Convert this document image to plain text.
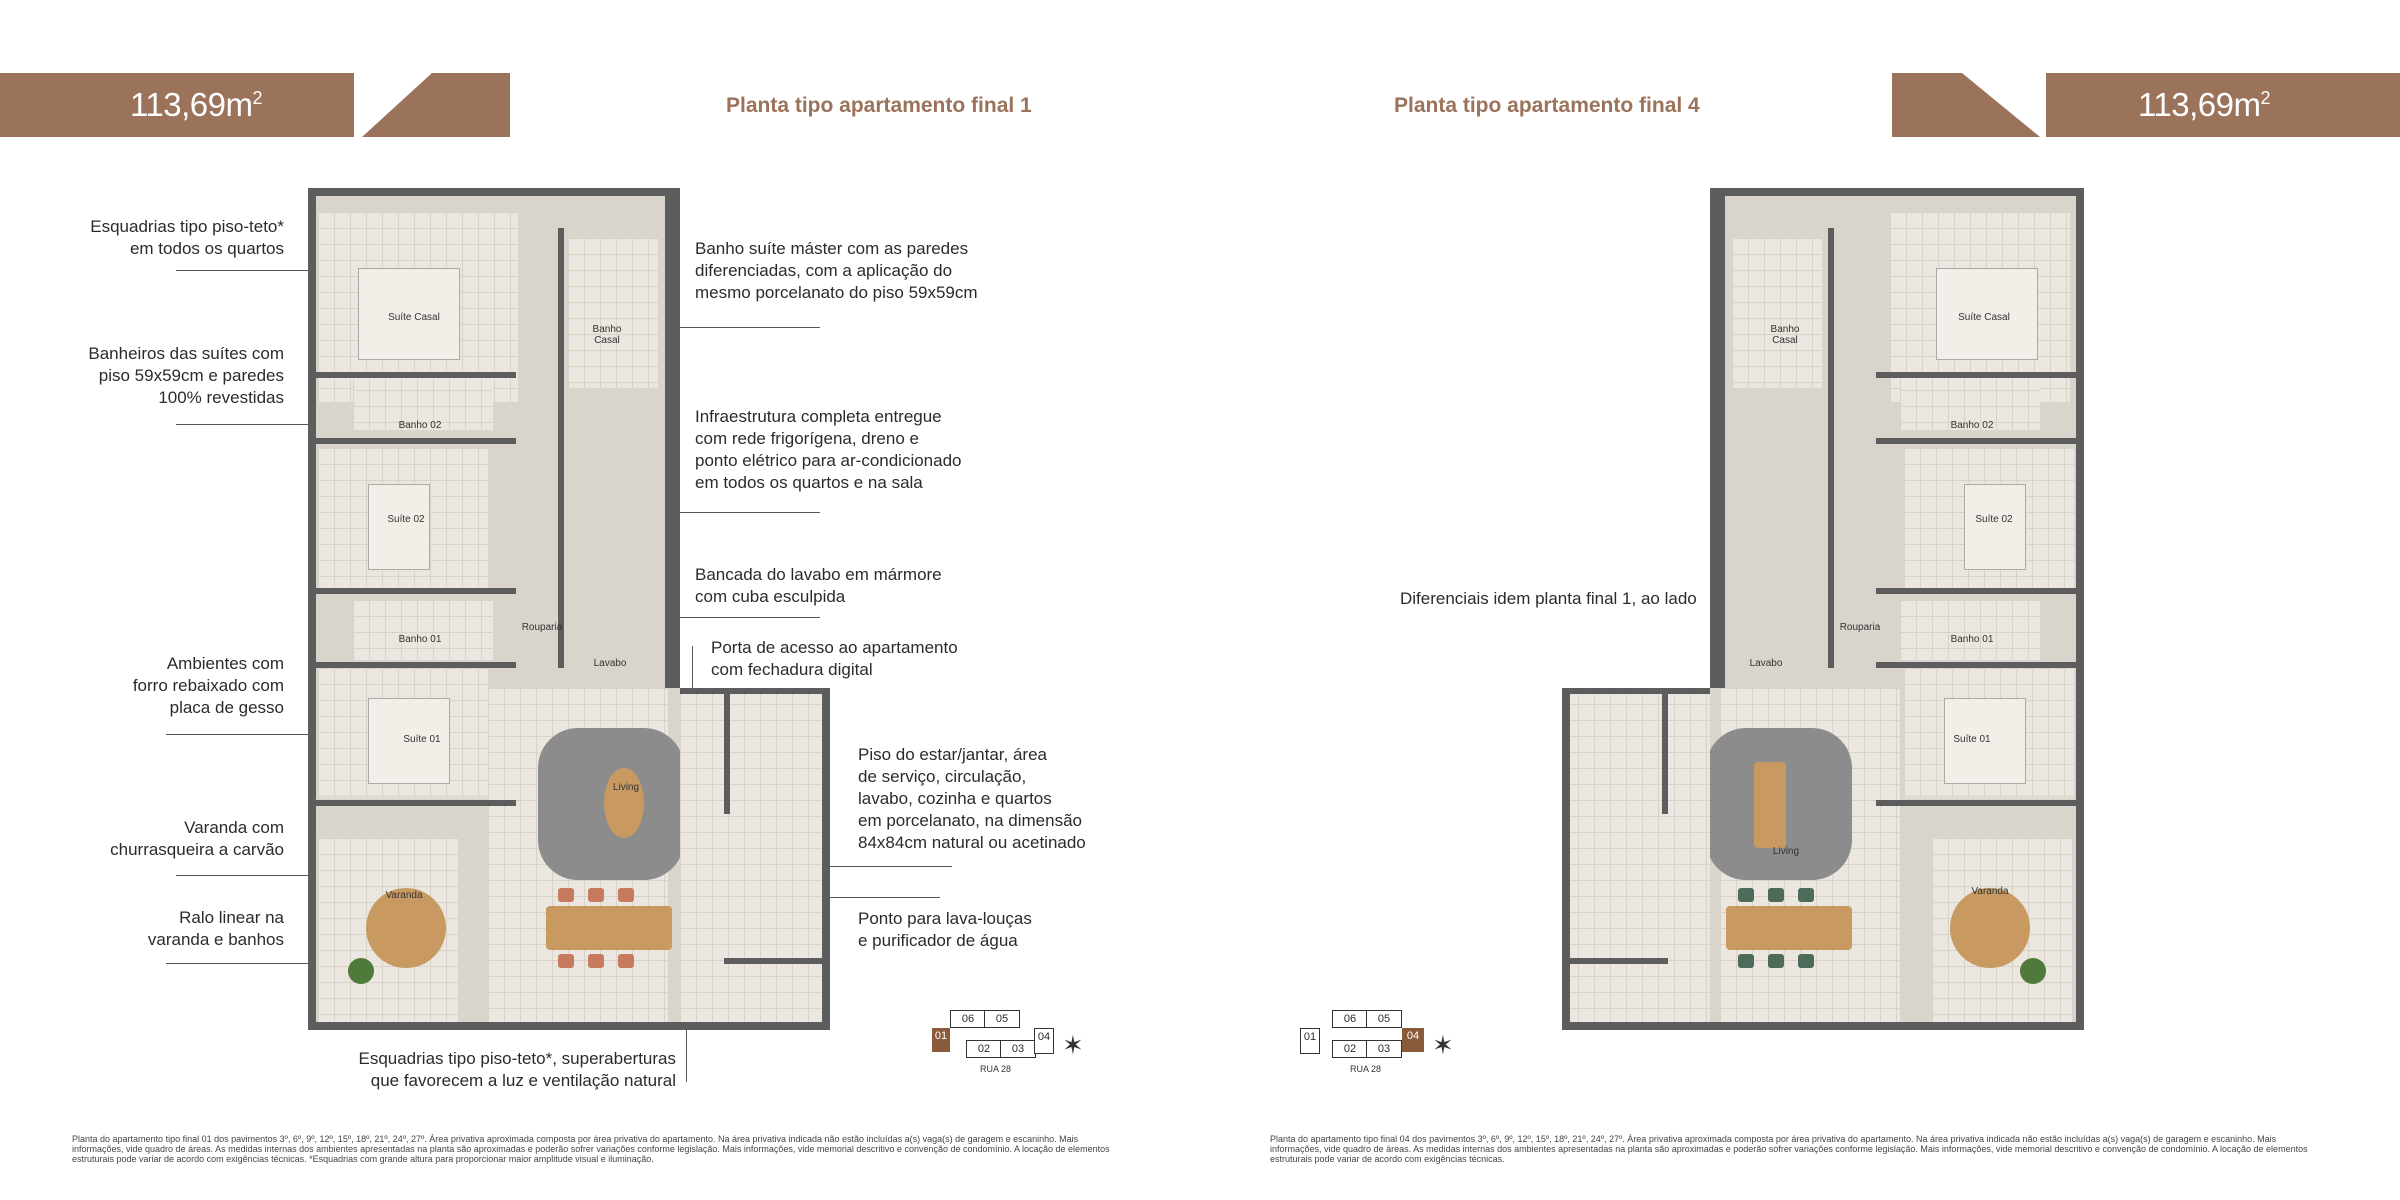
$113,69m^2$	Planta tipo apartamento final 1
Esquadrias tipo piso-teto*
em todos os quartos
Banheiros das suítes com
piso 59x59cm e paredes
100% revestidas
Ambientes com
forro rebaixado com
placa de gesso
Varanda com
churrasqueira a carvão
Ralo linear na
varanda e banhos
Banho suíte máster com as paredes
diferenciadas, com a aplicação do
mesmo porcelanato do piso 59x59cm
Infraestrutura completa entregue
com rede frigorígena, dreno e
ponto elétrico para ar-condicionado
em todos os quartos e na sala
Bancada do lavabo em mármore
com cuba esculpida
Porta de acesso ao apartamento
com fechadura digital
Piso do estar/jantar, área
de serviço, circulação,
lavabo, cozinha e quartos
em porcelanato, na dimensão
84x84cm natural ou acetinado
Ponto para lava-louças
e purificador de água
Esquadrias tipo piso-teto*, superaberturas
que favorecem a luz e ventilação natural
Suíte Casal
Banho
Casal
Banho 02
Suíte 02
Banho 01
Rouparia
Lavabo
Suíte 01
Living
Varanda
06	05
01
02	03
04
RUA 28
✶
Planta do apartamento tipo final 01 dos pavimentos 3º, 6º, 9º, 12º, 15º, 18º, 21º, 24º, 27º. Área privativa aproximada composta por área privativa do apartamento. Na área privativa indicada não estão incluídas a(s) vaga(s) de garagem e escaninho. Mais informações, vide quadro de áreas. As medidas internas dos ambientes apresentadas na planta são aproximadas e poderão sofrer variações conforme legislação. Mais informações, vide memorial descritivo e convenção de condomínio. A locação de elementos estruturais pode variar de acordo com exigências técnicas. *Esquadrias com grande altura para proporcionar maior amplitude visual e iluminação.
$113,69m^2$
Planta tipo apartamento final 4
Diferenciais idem planta final 1, ao lado
Banho
Casal
Suíte Casal
Banho 02
Suíte 02
Rouparia
Lavabo
Banho 01
Suíte 01
Living
Varanda
06	05
01
02	03
04
RUA 28
✶
Planta do apartamento tipo final 04 dos pavimentos 3º, 6º, 9º, 12º, 15º, 18º, 21º, 24º, 27º. Área privativa aproximada composta por área privativa do apartamento. Na área privativa indicada não estão incluídas a(s) vaga(s) de garagem e escaninho. Mais informações, vide quadro de áreas. As medidas internas dos ambientes apresentadas na planta são aproximadas e poderão sofrer variações conforme legislação. Mais informações, vide memorial descritivo e convenção de condomínio. A locação de elementos estruturais pode variar de acordo com exigências técnicas.
